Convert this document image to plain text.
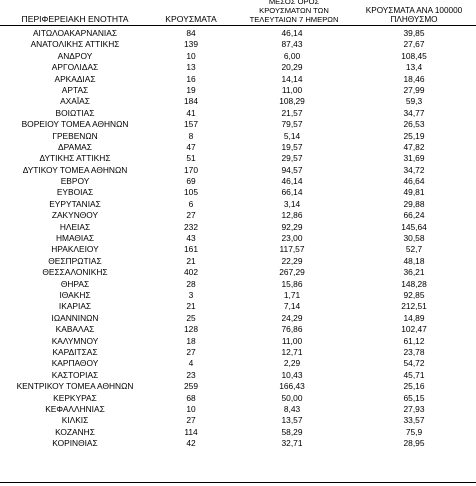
ΠΕΡΙΦΕΡΕΙΑΚΗ ΕΝΟΤΗΤΑ	ΚΡΟΥΣΜΑΤΑ
ΜΕΣΟΣ ΟΡΟΣ ΚΡΟΥΣΜΑΤΩΝ ΤΩΝ ΤΕΛΕΥΤΑΙΩΝ 7 ΗΜΕΡΩΝ
ΚΡΟΥΣΜΑΤΑ ΑΝΑ 100000 ΠΛΗΘΥΣΜΟ
ΑΙΤΩΛΟΑΚΑΡΝΑΝΙΑΣ	84	46,14	39,85
ΑΝΑΤΟΛΙΚΗΣ ΑΤΤΙΚΗΣ	139	87,43	27,67
ΑΝΔΡΟΥ	10	6,00	108,45
ΑΡΓΟΛΙΔΑΣ	13	20,29	13,4
ΑΡΚΑΔΙΑΣ	16	14,14	18,46
ΑΡΤΑΣ	19	11,00	27,99
ΑΧΑΪΑΣ	184	108,29	59,3
ΒΟΙΩΤΙΑΣ	41	21,57	34,77
ΒΟΡΕΙΟΥ ΤΟΜΕΑ ΑΘΗΝΩΝ	157	79,57	26,53
ΓΡΕΒΕΝΩΝ	8	5,14	25,19
ΔΡΑΜΑΣ	47	19,57	47,82
ΔΥΤΙΚΗΣ ΑΤΤΙΚΗΣ	51	29,57	31,69
ΔΥΤΙΚΟΥ ΤΟΜΕΑ ΑΘΗΝΩΝ	170	94,57	34,72
ΕΒΡΟΥ	69	46,14	46,64
ΕΥΒΟΙΑΣ	105	66,14	49,81
ΕΥΡΥΤΑΝΙΑΣ	6	3,14	29,88
ΖΑΚΥΝΘΟΥ	27	12,86	66,24
ΗΛΕΙΑΣ	232	92,29	145,64
ΗΜΑΘΙΑΣ	43	23,00	30,58
ΗΡΑΚΛΕΙΟΥ	161	117,57	52,7
ΘΕΣΠΡΩΤΙΑΣ	21	22,29	48,18
ΘΕΣΣΑΛΟΝΙΚΗΣ	402	267,29	36,21
ΘΗΡΑΣ	28	15,86	148,28
ΙΘΑΚΗΣ	3	1,71	92,85
ΙΚΑΡΙΑΣ	21	7,14	212,51
ΙΩΑΝΝΙΝΩΝ	25	24,29	14,89
ΚΑΒΑΛΑΣ	128	76,86	102,47
ΚΑΛΥΜΝΟΥ	18	11,00	61,12
ΚΑΡΔΙΤΣΑΣ	27	12,71	23,78
ΚΑΡΠΑΘΟΥ	4	2,29	54,72
ΚΑΣΤΟΡΙΑΣ	23	10,43	45,71
ΚΕΝΤΡΙΚΟΥ ΤΟΜΕΑ ΑΘΗΝΩΝ	259	166,43	25,16
ΚΕΡΚΥΡΑΣ	68	50,00	65,15
ΚΕΦΑΛΛΗΝΙΑΣ	10	8,43	27,93
ΚΙΛΚΙΣ	27	13,57	33,57
ΚΟΖΑΝΗΣ	114	58,29	75,9
ΚΟΡΙΝΘΙΑΣ	42	32,71	28,95
